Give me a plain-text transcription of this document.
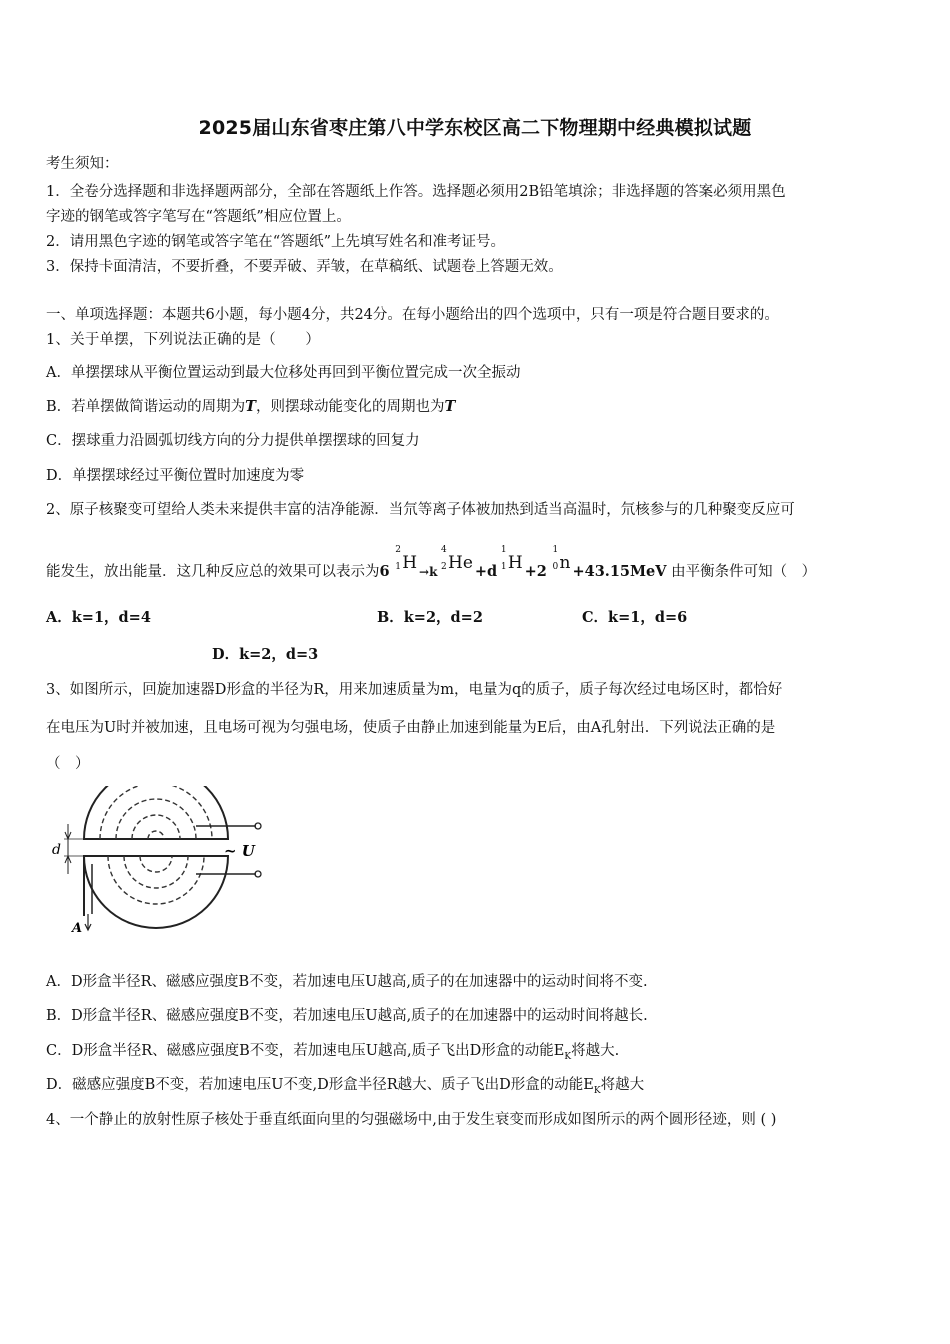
2025届山东省枣庄第八中学东校区高二下物理期中经典模拟试题
考生须知：
1．全卷分选择题和非选择题两部分，全部在答题纸上作答。选择题必须用2B铅笔填涂；非选择题的答案必须用黑色
字迹的钢笔或答字笔写在“答题纸”相应位置上。
2．请用黑色字迹的钢笔或答字笔在“答题纸”上先填写姓名和准考证号。
3．保持卡面清洁，不要折叠，不要弄破、弄皱，在草稿纸、试题卷上答题无效。
一、单项选择题：本题共6小题，每小题4分，共24分。在每小题给出的四个选项中，只有一项是符合题目要求的。
1、关于单摆，下列说法正确的是（　　）
A．单摆摆球从平衡位置运动到最大位移处再回到平衡位置完成一次全振动
B．若单摆做简谐运动的周期为T，则摆球动能变化的周期也为T
C．摆球重力沿圆弧切线方向的分力提供单摆摆球的回复力
D．单摆摆球经过平衡位置时加速度为零
2、原子核聚变可望给人类未来提供丰富的洁净能源．当氘等离子体被加热到适当高温时，氘核参与的几种聚变反应可
能发生，放出能量．这几种反应总的效果可以表示为6
2
1 H →k
4
2 He +d
1
1 H +2
1
0 n +43.15MeV 由平衡条件可知（　）
A．k=1，d=4	B．k=2，d=2	C．k=1，d=6
D．k=2，d=3
3、如图所示，回旋加速器D形盒的半径为R，用来加速质量为m，电量为q的质子，质子每次经过电场区时，都恰好
在电压为U时并被加速，且电场可视为匀强电场，使质子由静止加速到能量为E后，由A孔射出．下列说法正确的是
（　）
d	~ U
A
A．D形盒半径R、磁感应强度B不变，若加速电压U越高,质子的在加速器中的运动时间将不变.
B．D形盒半径R、磁感应强度B不变，若加速电压U越高,质子的在加速器中的运动时间将越长.
C．D形盒半径R、磁感应强度B不变，若加速电压U越高,质子飞出D形盒的动能$E_K$将越大.
D．磁感应强度B不变，若加速电压U不变,D形盒半径R越大、质子飞出D形盒的动能$E_K$将越大
4、一个静止的放射性原子核处于垂直纸面向里的匀强磁场中,由于发生衰变而形成如图所示的两个圆形径迹，则 ( )
